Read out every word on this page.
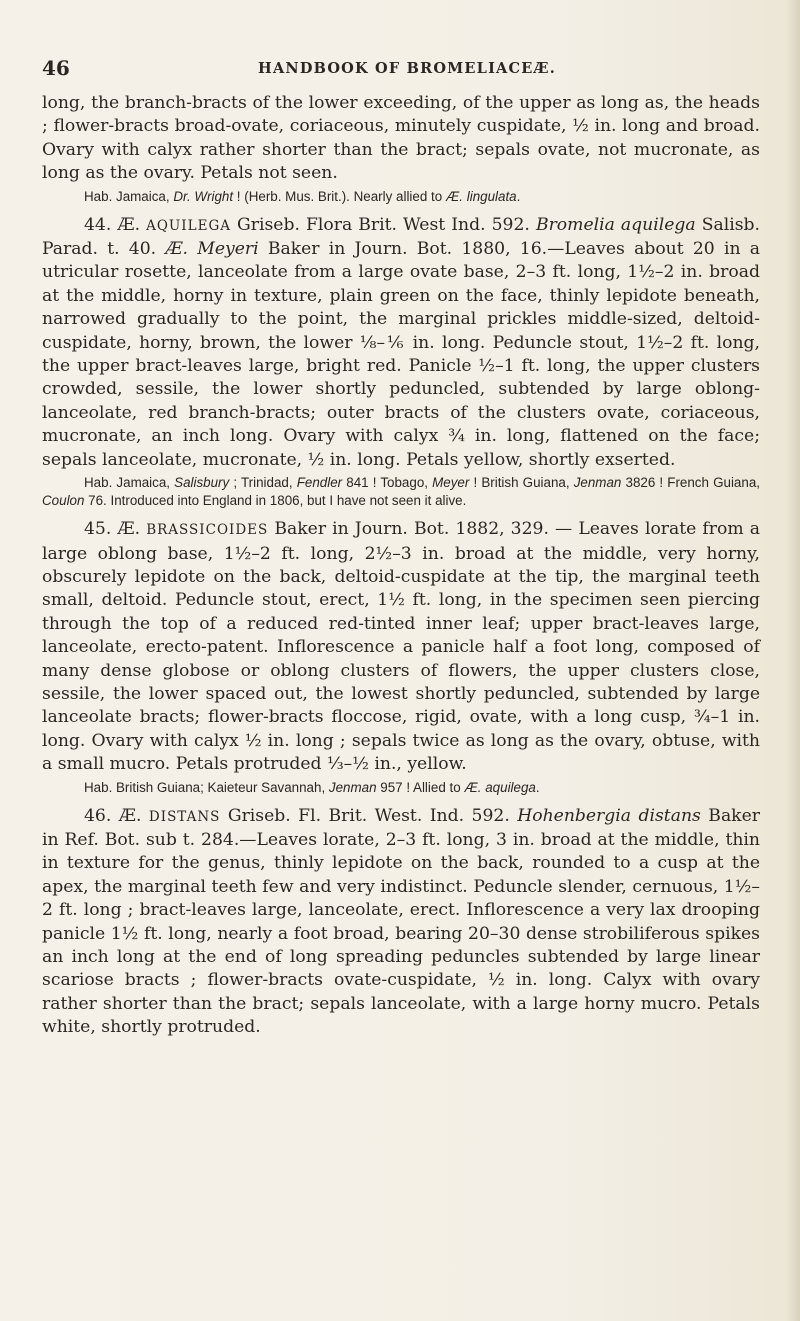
46	HANDBOOK OF BROMELIACEÆ.

long, the branch-bracts of the lower exceeding, of the upper as long as, the heads ; flower-bracts broad-ovate, coriaceous, minutely cuspidate, ½ in. long and broad. Ovary with calyx rather shorter than the bract; sepals ovate, not mucronate, as long as the ovary. Petals not seen.

Hab. Jamaica, Dr. Wright ! (Herb. Mus. Brit.). Nearly allied to Æ. lingulata.

44. Æ. AQUILEGA Griseb. Flora Brit. West Ind. 592. Bromelia aquilega Salisb. Parad. t. 40. Æ. Meyeri Baker in Journ. Bot. 1880, 16.—Leaves about 20 in a utricular rosette, lanceolate from a large ovate base, 2–3 ft. long, 1½–2 in. broad at the middle, horny in texture, plain green on the face, thinly lepidote beneath, narrowed gradually to the point, the marginal prickles middle-sized, deltoid-cuspidate, horny, brown, the lower ⅛–⅙ in. long. Peduncle stout, 1½–2 ft. long, the upper bract-leaves large, bright red. Panicle ½–1 ft. long, the upper clusters crowded, sessile, the lower shortly peduncled, subtended by large oblong-lanceolate, red branch-bracts; outer bracts of the clusters ovate, coriaceous, mucronate, an inch long. Ovary with calyx ¾ in. long, flattened on the face; sepals lanceolate, mucronate, ½ in. long. Petals yellow, shortly exserted.

Hab. Jamaica, Salisbury ; Trinidad, Fendler 841 ! Tobago, Meyer ! British Guiana, Jenman 3826 ! French Guiana, Coulon 76. Introduced into England in 1806, but I have not seen it alive.

45. Æ. BRASSICOIDES Baker in Journ. Bot. 1882, 329. — Leaves lorate from a large oblong base, 1½–2 ft. long, 2½–3 in. broad at the middle, very horny, obscurely lepidote on the back, deltoid-cuspidate at the tip, the marginal teeth small, deltoid. Peduncle stout, erect, 1½ ft. long, in the specimen seen piercing through the top of a reduced red-tinted inner leaf; upper bract-leaves large, lanceolate, erecto-patent. Inflorescence a panicle half a foot long, composed of many dense globose or oblong clusters of flowers, the upper clusters close, sessile, the lower spaced out, the lowest shortly peduncled, subtended by large lanceolate bracts; flower-bracts floccose, rigid, ovate, with a long cusp, ¾–1 in. long. Ovary with calyx ½ in. long ; sepals twice as long as the ovary, obtuse, with a small mucro. Petals protruded ⅓–½ in., yellow.

Hab. British Guiana; Kaieteur Savannah, Jenman 957 ! Allied to Æ. aquilega.

46. Æ. DISTANS Griseb. Fl. Brit. West. Ind. 592. Hohenbergia distans Baker in Ref. Bot. sub t. 284.—Leaves lorate, 2–3 ft. long, 3 in. broad at the middle, thin in texture for the genus, thinly lepidote on the back, rounded to a cusp at the apex, the marginal teeth few and very indistinct. Peduncle slender, cernuous, 1½–2 ft. long ; bract-leaves large, lanceolate, erect. Inflorescence a very lax drooping panicle 1½ ft. long, nearly a foot broad, bearing 20–30 dense strobiliferous spikes an inch long at the end of long spreading peduncles subtended by large linear scariose bracts ; flower-bracts ovate-cuspidate, ½ in. long. Calyx with ovary rather shorter than the bract; sepals lanceolate, with a large horny mucro. Petals white, shortly protruded.
